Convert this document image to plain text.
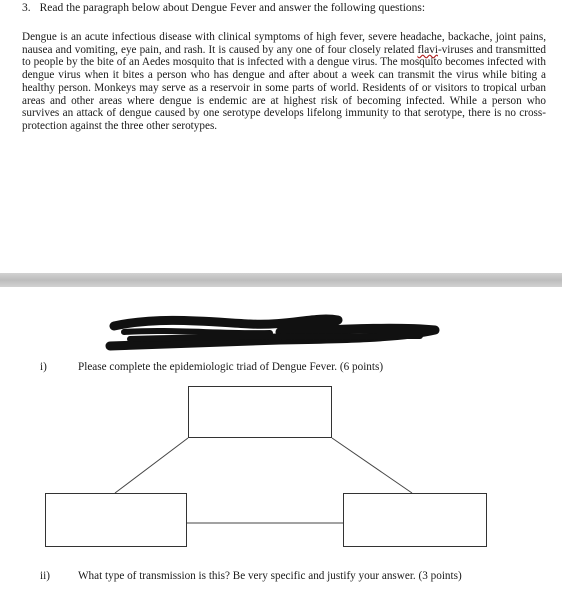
3. Read the paragraph below about Dengue Fever and answer the following questions:

Dengue is an acute infectious disease with clinical symptoms of high fever, severe headache, backache, joint pains, nausea and vomiting, eye pain, and rash. It is caused by any one of four closely related flavi-viruses and transmitted to people by the bite of an Aedes mosquito that is infected with a dengue virus. The mosquito becomes infected with dengue virus when it bites a person who has dengue and after about a week can transmit the virus while biting a healthy person. Monkeys may serve as a reservoir in some parts of world. Residents of or visitors to tropical urban areas and other areas where dengue is endemic are at highest risk of becoming infected. While a person who survives an attack of dengue caused by one serotype develops lifelong immunity to that serotype, there is no cross-protection against the three other serotypes.

i)	Please complete the epidemiologic triad of Dengue Fever. (6 points)
ii)	What type of transmission is this? Be very specific and justify your answer. (3 points)
